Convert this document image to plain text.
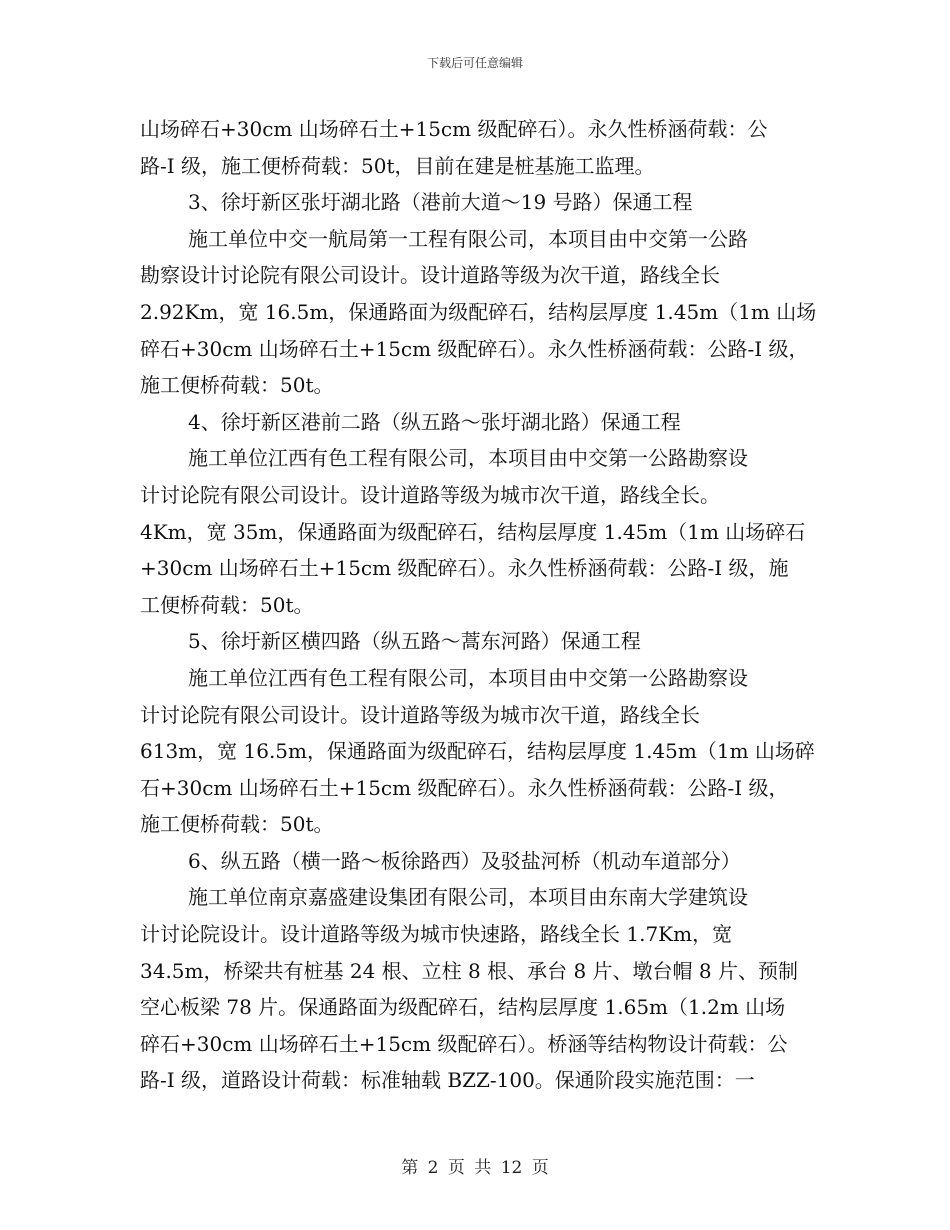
下载后可任意编辑
山场碎石+30cm 山场碎石土+15cm 级配碎石）。永久性桥涵荷载：公
路-I 级，施工便桥荷载：50t，目前在建是桩基施工监理。
3、徐圩新区张圩湖北路（港前大道～19 号路）保通工程
施工单位中交一航局第一工程有限公司，本项目由中交第一公路
勘察设计讨论院有限公司设计。设计道路等级为次干道，路线全长
2.92Km，宽 16.5m，保通路面为级配碎石，结构层厚度 1.45m（1m 山场
碎石+30cm 山场碎石土+15cm 级配碎石）。永久性桥涵荷载：公路-I 级，
施工便桥荷载：50t。
4、徐圩新区港前二路（纵五路～张圩湖北路）保通工程
施工单位江西有色工程有限公司，本项目由中交第一公路勘察设
计讨论院有限公司设计。设计道路等级为城市次干道，路线全长。
4Km，宽 35m，保通路面为级配碎石，结构层厚度 1.45m（1m 山场碎石
+30cm 山场碎石土+15cm 级配碎石）。永久性桥涵荷载：公路-I 级，施
工便桥荷载：50t。
5、徐圩新区横四路（纵五路～蒿东河路）保通工程
施工单位江西有色工程有限公司，本项目由中交第一公路勘察设
计讨论院有限公司设计。设计道路等级为城市次干道，路线全长
613m，宽 16.5m，保通路面为级配碎石，结构层厚度 1.45m（1m 山场碎
石+30cm 山场碎石土+15cm 级配碎石）。永久性桥涵荷载：公路-I 级，
施工便桥荷载：50t。
6、纵五路（横一路～板徐路西）及驳盐河桥（机动车道部分）
施工单位南京嘉盛建设集团有限公司，本项目由东南大学建筑设
计讨论院设计。设计道路等级为城市快速路，路线全长 1.7Km，宽
34.5m，桥梁共有桩基 24 根、立柱 8 根、承台 8 片、墩台帽 8 片、预制
空心板梁 78 片。保通路面为级配碎石，结构层厚度 1.65m（1.2m 山场
碎石+30cm 山场碎石土+15cm 级配碎石）。桥涵等结构物设计荷载：公
路-I 级，道路设计荷载：标准轴载 BZZ-100。保通阶段实施范围：一
第 2 页 共 12 页
